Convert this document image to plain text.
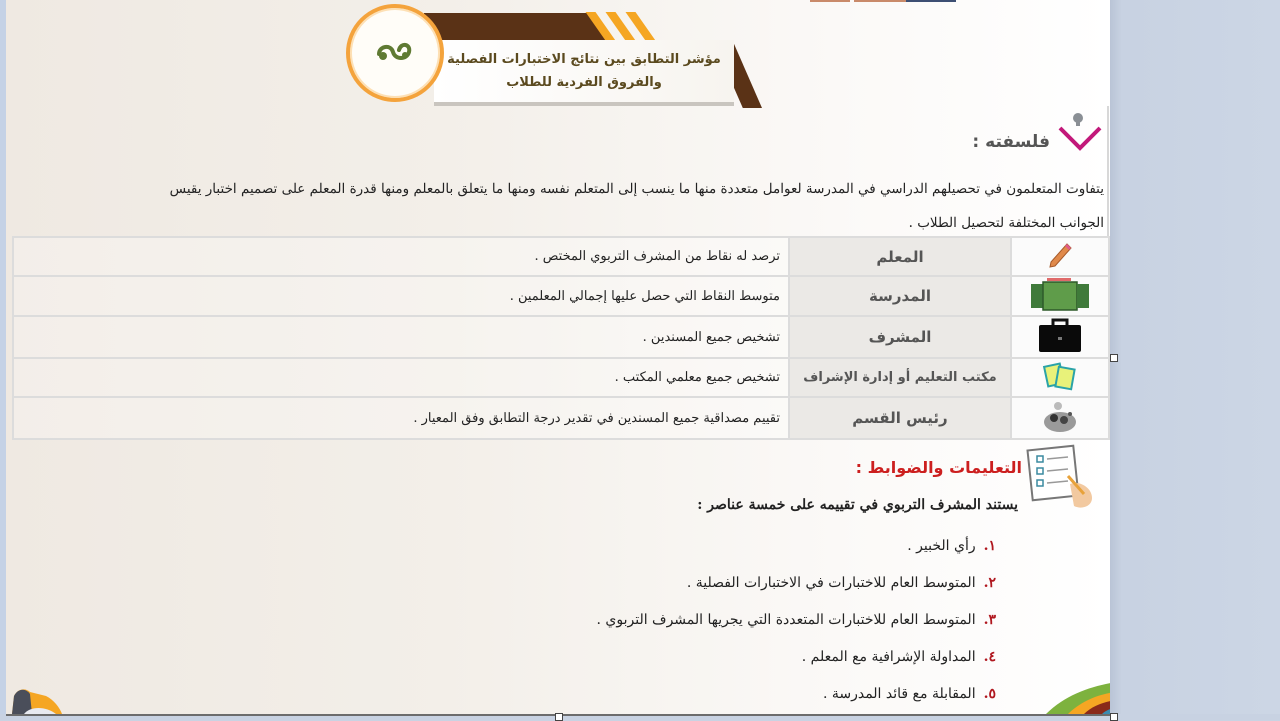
مؤشر التطابق بين نتائج الاختبارات الفصلية
والفروق الفردية للطلاب
فلسفته :
يتفاوت المتعلمون في تحصيلهم الدراسي في المدرسة لعوامل متعددة منها ما ينسب إلى المتعلم نفسه ومنها ما يتعلق بالمعلم ومنها قدرة المعلم على تصميم اختبار يقيس
الجوانب المختلفة لتحصيل الطلاب .
	المعلم	ترصد له نقاط من المشرف التربوي المختص .
	المدرسة	متوسط النقاط التي حصل عليها إجمالي المعلمين .
	المشرف	تشخيص جميع المسندين .
	مكتب التعليم أو إدارة الإشراف	تشخيص جميع معلمي المكتب .
	رئيس القسم	تقييم مصداقية جميع المسندين في تقدير درجة التطابق وفق المعيار .
التعليمات والضوابط :
يستند المشرف التربوي في تقييمه على خمسة عناصر :
١.رأي الخبير .
٢.المتوسط العام للاختبارات في الاختبارات الفصلية .
٣.المتوسط العام للاختبارات المتعددة التي يجريها المشرف التربوي .
٤.المداولة الإشرافية مع المعلم .
٥.المقابلة مع قائد المدرسة .
